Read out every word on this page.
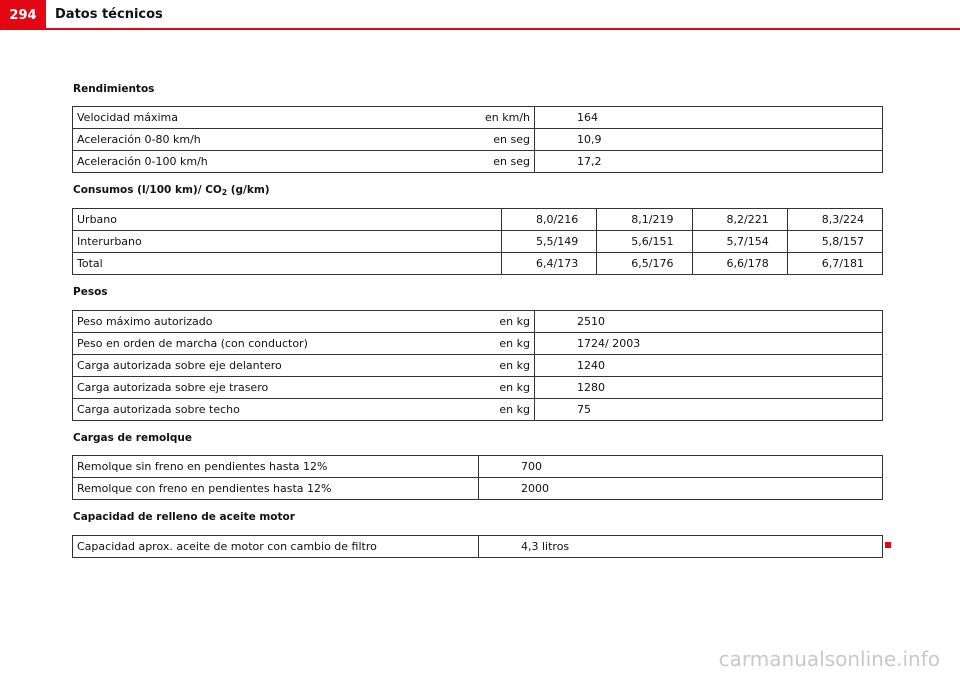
294	Datos técnicos
Rendimientos
Velocidad máxima	en km/h	164
Aceleración 0-80 km/h	en seg	10,9
Aceleración 0-100 km/h	en seg	17,2
Consumos (l/100 km)/ $CO_2$ (g/km)
Urbano	8,0/216	8,1/219	8,2/221	8,3/224
Interurbano	5,5/149	5,6/151	5,7/154	5,8/157
Total	6,4/173	6,5/176	6,6/178	6,7/181
Pesos
Peso máximo autorizado	en kg	2510
Peso en orden de marcha (con conductor)	en kg	1724/ 2003
Carga autorizada sobre eje delantero	en kg	1240
Carga autorizada sobre eje trasero	en kg	1280
Carga autorizada sobre techo	en kg	75
Cargas de remolque
Remolque sin freno en pendientes hasta 12%	700
Remolque con freno en pendientes hasta 12%	2000
Capacidad de relleno de aceite motor
Capacidad aprox. aceite de motor con cambio de filtro	4,3 litros
carmanualsonline.info
